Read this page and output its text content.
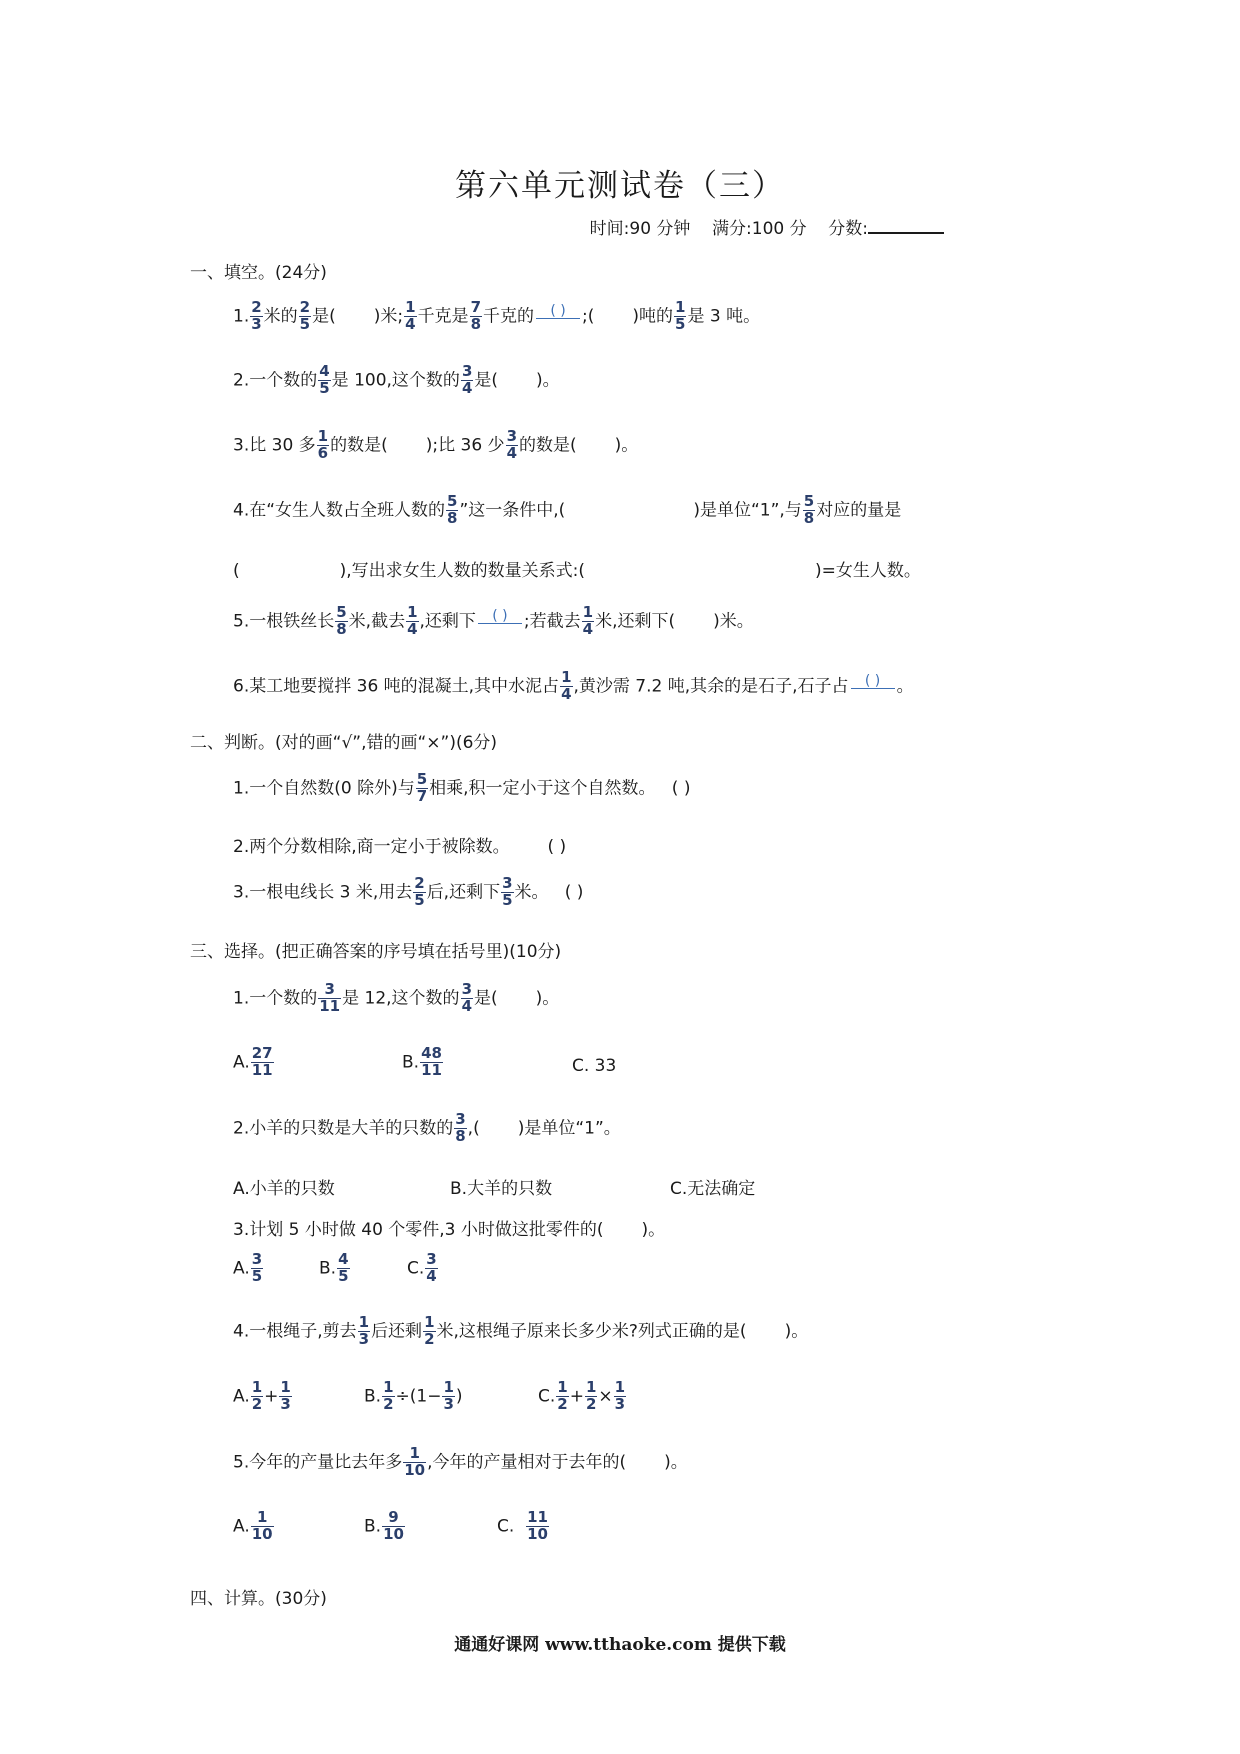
第六单元测试卷（三）
时间:90 分钟 满分:100 分 分数:
一、填空。(24分)
1. $\frac{2}{3}$ 米的 $\frac{2}{5}$ 是( )米; $\frac{1}{4}$ 千克是 $\frac{7}{8}$ 千克的 ( ) ;( )吨的 $\frac{1}{5}$ 是 3 吨。
2.一个数的 $\frac{4}{5}$ 是 100,这个数的 $\frac{3}{4}$ 是( )。
3.比 30 多 $\frac{1}{6}$ 的数是( );比 36 少 $\frac{3}{4}$ 的数是( )。
4.在“女生人数占全班人数的 $\frac{5}{8}$ ”这一条件中,(	)是单位“1”,与 $\frac{5}{8}$ 对应的量是
(	),写出求女生人数的数量关系式:(	)=女生人数。
5.一根铁丝长 $\frac{5}{8}$ 米,截去 $\frac{1}{4}$ ,还剩下 ( ) ;若截去 $\frac{1}{4}$ 米,还剩下( )米。
6.某工地要搅拌 36 吨的混凝土,其中水泥占 $\frac{1}{4}$ ,黄沙需 7.2 吨,其余的是石子,石子占 ( ) 。
二、判断。(对的画“√”,错的画“×”)(6分)
1.一个自然数(0 除外)与 $\frac{5}{7}$ 相乘,积一定小于这个自然数。 ( )
2.两个分数相除,商一定小于被除数。 ( )
3.一根电线长 3 米,用去 $\frac{2}{5}$ 后,还剩下 $\frac{3}{5}$ 米。 ( )
三、选择。(把正确答案的序号填在括号里)(10分)
1.一个数的 $\frac{3}{11}$ 是 12,这个数的 $\frac{3}{4}$ 是( )。
A. $\frac{27}{11}$	B. $\frac{48}{11}$	C. 33
2.小羊的只数是大羊的只数的 $\frac{3}{8}$ ,( )是单位“1”。
A.小羊的只数	B.大羊的只数	C.无法确定
3.计划 5 小时做 40 个零件,3 小时做这批零件的( )。
A. $\frac{3}{5}$	B. $\frac{4}{5}$	C. $\frac{3}{4}$
4.一根绳子,剪去 $\frac{1}{3}$ 后还剩 $\frac{1}{2}$ 米,这根绳子原来长多少米?列式正确的是( )。
A. $\frac{1}{2} + \frac{1}{3}$	B. $\frac{1}{2} \div(1- \frac{1}{3}$ )	C. $\frac{1}{2} + \frac{1}{2} \times \frac{1}{3}$
5.今年的产量比去年多 $\frac{1}{10}$ ,今年的产量相对于去年的( )。
A. $\frac{1}{10}$	B. $\frac{9}{10}$	C. $\frac{11}{10}$
四、计算。(30分)
通通好课网 www.tthaoke.com 提供下载
